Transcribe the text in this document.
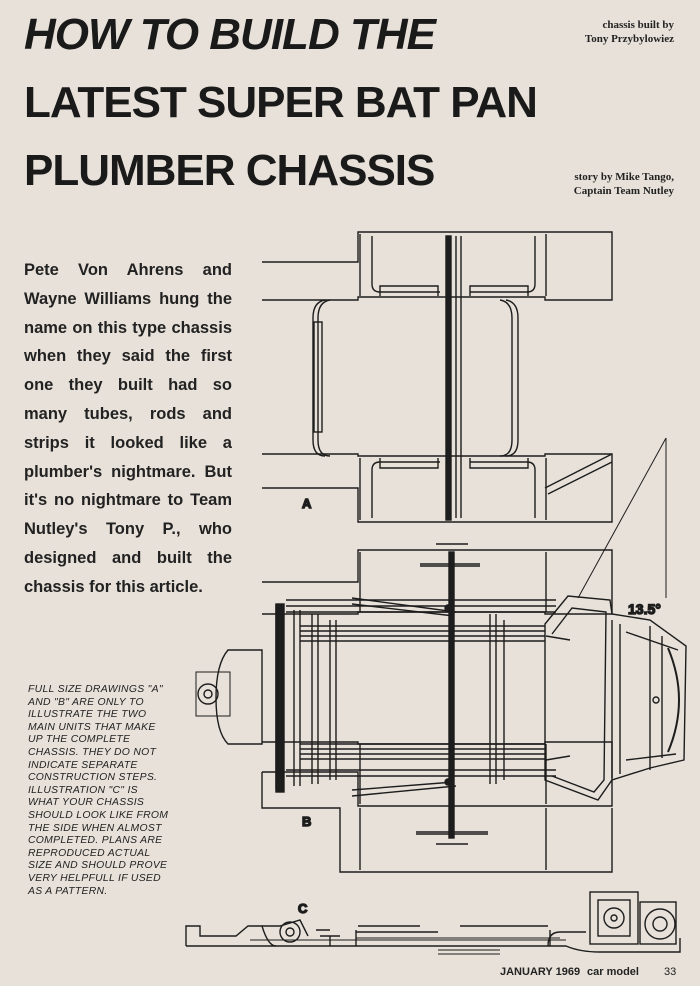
HOW TO BUILD THE
LATEST SUPER BAT PAN
PLUMBER CHASSIS
chassis built by
Tony Przybylowiez
story by Mike Tango,
Captain Team Nutley
Pete Von Ahrens and Wayne Williams hung the name on this type chassis when they said the first one they built had so many tubes, rods and strips it looked like a plumber's nightmare. But it's no nightmare to Team Nutley's Tony P., who designed and built the chassis for this article.
FULL SIZE DRAWINGS "A" AND "B" ARE ONLY TO ILLUSTRATE THE TWO MAIN UNITS THAT MAKE UP THE COMPLETE CHASSIS. THEY DO NOT INDICATE SEPARATE CONSTRUCTION STEPS. ILLUSTRATION "C" IS WHAT YOUR CHASSIS SHOULD LOOK LIKE FROM THE SIDE WHEN ALMOST COMPLETED. PLANS ARE REPRODUCED ACTUAL SIZE AND SHOULD PROVE VERY HELPFULL IF USED AS A PATTERN.
A
13.5°
B
C
JANUARY 1969 car model 33
